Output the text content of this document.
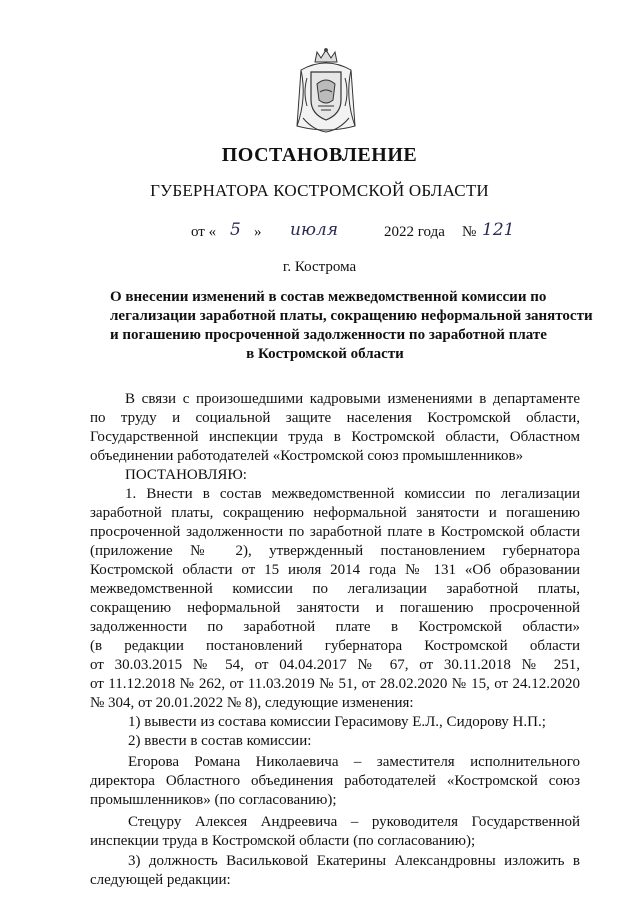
ПОСТАНОВЛЕНИЕ
ГУБЕРНАТОРА КОСТРОМСКОЙ ОБЛАСТИ
от « 5 » июля	2022 года № 121
г. Кострома
О внесении изменений в состав межведомственной комиссии по
легализации заработной платы, сокращению неформальной занятости
и погашению просроченной задолженности по заработной плате
в Костромской области
В связи с произошедшими кадровыми изменениями в департаменте
по труду и социальной защите населения Костромской области,
Государственной инспекции труда в Костромской области, Областном
объединении работодателей «Костромской союз промышленников»
ПОСТАНОВЛЯЮ:
1. Внести в состав межведомственной комиссии по легализации
заработной платы, сокращению неформальной занятости и погашению
просроченной задолженности по заработной плате в Костромской области
(приложение № 2), утвержденный постановлением губернатора
Костромской области от 15 июля 2014 года № 131 «Об образовании
межведомственной комиссии по легализации заработной платы,
сокращению неформальной занятости и погашению просроченной
задолженности по заработной плате в Костромской области»
(в редакции постановлений губернатора Костромской области
от 30.03.2015 № 54, от 04.04.2017 № 67, от 30.11.2018 № 251,
от 11.12.2018 № 262, от 11.03.2019 № 51, от 28.02.2020 № 15, от 24.12.2020
№ 304, от 20.01.2022 № 8), следующие изменения:
1) вывести из состава комиссии Герасимову Е.Л., Сидорову Н.П.;
2) ввести в состав комиссии:
Егорова Романа Николаевича – заместителя исполнительного
директора Областного объединения работодателей «Костромской союз
промышленников» (по согласованию);
Стецуру Алексея Андреевича – руководителя Государственной
инспекции труда в Костромской области (по согласованию);
3) должность Васильковой Екатерины Александровны изложить в
следующей редакции:
